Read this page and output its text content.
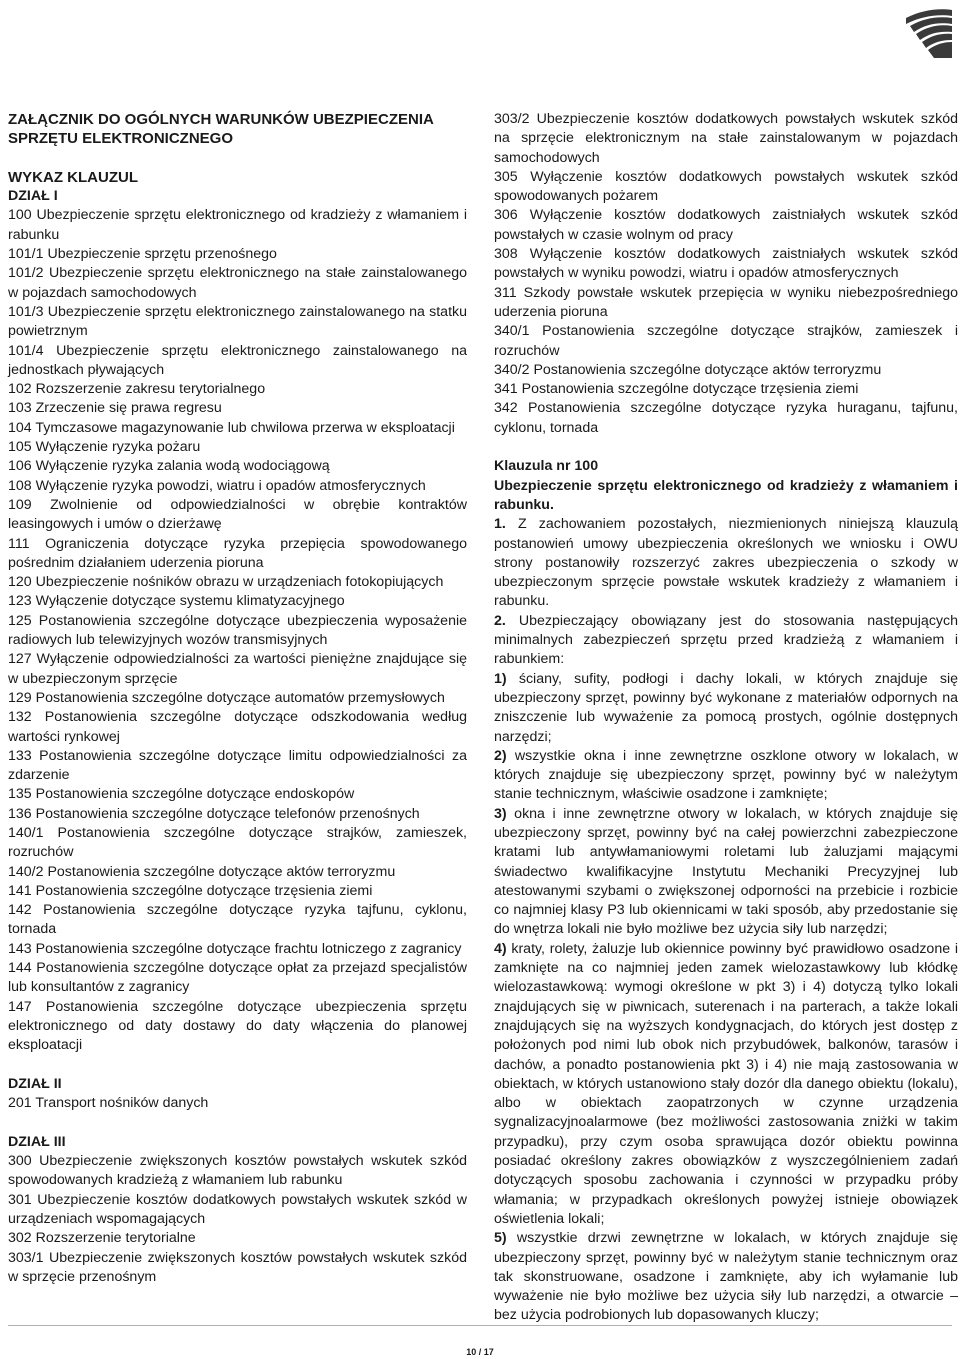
ZAŁĄCZNIK DO OGÓLNYCH WARUNKÓW UBEZPIECZENIA

SPRZĘTU ELEKTRONICZNEGO

WYKAZ KLAUZUL

DZIAŁ I

100 Ubezpieczenie sprzętu elektronicznego od kradzieży z włamaniem i rabunku

101/1 Ubezpieczenie sprzętu przenośnego

101/2 Ubezpieczenie sprzętu elektronicznego na stałe zainstalowanego w pojazdach samochodowych

101/3 Ubezpieczenie sprzętu elektronicznego zainstalowanego na statku powietrznym

101/4 Ubezpieczenie sprzętu elektronicznego zainstalowanego na jednostkach pływających

102 Rozszerzenie zakresu terytorialnego

103 Zrzeczenie się prawa regresu

104 Tymczasowe magazynowanie lub chwilowa przerwa w eksploatacji

105 Wyłączenie ryzyka pożaru

106 Wyłączenie ryzyka zalania wodą wodociągową

108 Wyłączenie ryzyka powodzi, wiatru i opadów atmosferycznych

109 Zwolnienie od odpowiedzialności w obrębie kontraktów leasingowych i umów o dzierżawę

111 Ograniczenia dotyczące ryzyka przepięcia spowodowanego pośrednim działaniem uderzenia pioruna

120 Ubezpieczenie nośników obrazu w urządzeniach fotokopiujących

123 Wyłączenie dotyczące systemu klimatyzacyjnego

125 Postanowienia szczególne dotyczące ubezpieczenia wyposażenie radiowych lub telewizyjnych wozów transmisyjnych

127 Wyłączenie odpowiedzialności za wartości pieniężne znajdujące się w ubezpieczonym sprzęcie

129 Postanowienia szczególne dotyczące automatów przemysłowych

132 Postanowienia szczególne dotyczące odszkodowania według wartości rynkowej

133 Postanowienia szczególne dotyczące limitu odpowiedzialności za zdarzenie

135 Postanowienia szczególne dotyczące endoskopów

136 Postanowienia szczególne dotyczące telefonów przenośnych

140/1 Postanowienia szczególne dotyczące strajków, zamieszek, rozruchów

140/2 Postanowienia szczególne dotyczące aktów terroryzmu

141 Postanowienia szczególne dotyczące trzęsienia ziemi

142 Postanowienia szczególne dotyczące ryzyka tajfunu, cyklonu, tornada

143 Postanowienia szczególne dotyczące frachtu lotniczego z zagranicy

144 Postanowienia szczególne dotyczące opłat za przejazd specjalistów lub konsultantów z zagranicy

147 Postanowienia szczególne dotyczące ubezpieczenia sprzętu elektronicznego od daty dostawy do daty włączenia do planowej eksploatacji

DZIAŁ II

201 Transport nośników danych

DZIAŁ III

300 Ubezpieczenie zwiększonych kosztów powstałych wskutek szkód spowodowanych kradzieżą z włamaniem lub rabunku

301 Ubezpieczenie kosztów dodatkowych powstałych wskutek szkód w urządzeniach wspomagających

302 Rozszerzenie terytorialne

303/1 Ubezpieczenie zwiększonych kosztów powstałych wskutek szkód w sprzęcie przenośnym

303/2 Ubezpieczenie kosztów dodatkowych powstałych wskutek szkód na sprzęcie elektronicznym na stałe zainstalowanym w pojazdach samochodowych

305 Wyłączenie kosztów dodatkowych powstałych wskutek szkód spowodowanych pożarem

306 Wyłączenie kosztów dodatkowych zaistniałych wskutek szkód powstałych w czasie wolnym od pracy

308 Wyłączenie kosztów dodatkowych zaistniałych wskutek szkód powstałych w wyniku powodzi, wiatru i opadów atmosferycznych

311 Szkody powstałe wskutek przepięcia w wyniku niebezpośredniego uderzenia pioruna

340/1 Postanowienia szczególne dotyczące strajków, zamieszek i rozruchów

340/2 Postanowienia szczególne dotyczące aktów terroryzmu

341 Postanowienia szczególne dotyczące trzęsienia ziemi

342 Postanowienia szczególne dotyczące ryzyka huraganu, tajfunu, cyklonu, tornada

Klauzula nr 100

Ubezpieczenie sprzętu elektronicznego od kradzieży z włamaniem i rabunku.

1. Z zachowaniem pozostałych, niezmienionych niniejszą klauzulą postanowień umowy ubezpieczenia określonych we wniosku i OWU strony postanowiły rozszerzyć zakres ubezpieczenia o szkody w ubezpieczonym sprzęcie powstałe wskutek kradzieży z włamaniem i rabunku.

2. Ubezpieczający obowiązany jest do stosowania następujących minimalnych zabezpieczeń sprzętu przed kradzieżą z włamaniem i rabunkiem:

1) ściany, sufity, podłogi i dachy lokali, w których znajduje się ubezpieczony sprzęt, powinny być wykonane z materiałów odpornych na zniszczenie lub wyważenie za pomocą prostych, ogólnie dostępnych narzędzi;

2) wszystkie okna i inne zewnętrzne oszklone otwory w lokalach, w których znajduje się ubezpieczony sprzęt, powinny być w należytym stanie technicznym, właściwie osadzone i zamknięte;

3) okna i inne zewnętrzne otwory w lokalach, w których znajduje się ubezpieczony sprzęt, powinny być na całej powierzchni zabezpieczone kratami lub antywłamaniowymi roletami lub żaluzjami mającymi świadectwo kwalifikacyjne Instytutu Mechaniki Precyzyjnej lub atestowanymi szybami o zwiększonej odporności na przebicie i rozbicie co najmniej klasy P3 lub okiennicami w taki sposób, aby przedostanie się do wnętrza lokali nie było możliwe bez użycia siły lub narzędzi;

4) kraty, rolety, żaluzje lub okiennice powinny być prawidłowo osadzone i zamknięte na co najmniej jeden zamek wielozastawkowy lub kłódkę wielozastawkową: wymogi określone w pkt 3) i 4) dotyczą tylko lokali znajdujących się w piwnicach, suterenach i na parterach, a także lokali znajdujących się na wyższych kondygnacjach, do których jest dostęp z położonych pod nimi lub obok nich przybudówek, balkonów, tarasów i dachów, a ponadto postanowienia pkt 3) i 4) nie mają zastosowania w obiektach, w których ustanowiono stały dozór dla danego obiektu (lokalu), albo w obiektach zaopatrzonych w czynne urządzenia sygnalizacyjnoalarmowe (bez możliwości zastosowania zniżki w takim przypadku), przy czym osoba sprawująca dozór obiektu powinna posiadać określony zakres obowiązków z wyszczególnieniem zadań dotyczących sposobu zachowania i czynności w przypadku próby włamania; w przypadkach określonych powyżej istnieje obowiązek oświetlenia lokali;

5) wszystkie drzwi zewnętrzne w lokalach, w których znajduje się ubezpieczony sprzęt, powinny być w należytym stanie technicznym oraz tak skonstruowane, osadzone i zamknięte, aby ich wyłamanie lub wyważenie nie było możliwe bez użycia siły lub narzędzi, a otwarcie – bez użycia podrobionych lub dopasowanych kluczy;

10 / 17
